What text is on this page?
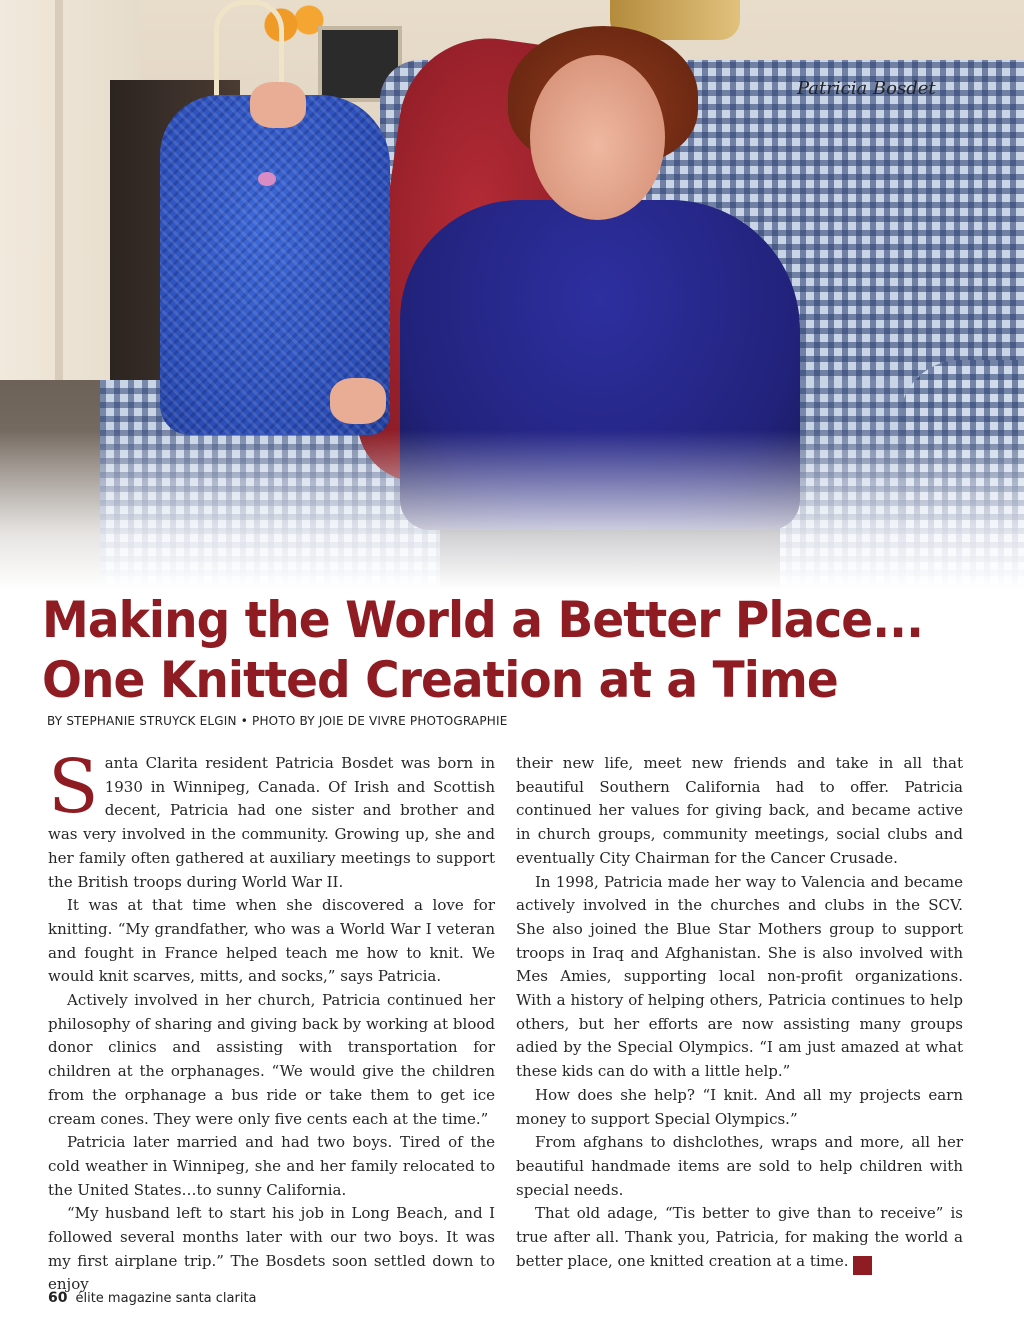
Patricia Bosdet
Making the World a Better Place...
One Knitted Creation at a Time
BY STEPHANIE STRUYCK ELGIN • PHOTO BY JOIE DE VIVRE PHOTOGRAPHIE

Santa Clarita resident Patricia Bosdet was born in 1930 in Winnipeg, Canada. Of Irish and Scottish decent, Patricia had one sister and brother and was very involved in the community. Growing up, she and her family often gathered at auxiliary meetings to support the British troops during World War II.

It was at that time when she discovered a love for knitting. “My grandfather, who was a World War I veteran and fought in France helped teach me how to knit. We would knit scarves, mitts, and socks,” says Patricia.

Actively involved in her church, Patricia continued her philosophy of sharing and giving back by working at blood donor clinics and assisting with transportation for children at the orphanages. “We would give the children from the orphanage a bus ride or take them to get ice cream cones. They were only five cents each at the time.”

Patricia later married and had two boys. Tired of the cold weather in Winnipeg, she and her family relocated to the United States…to sunny California.

“My husband left to start his job in Long Beach, and I followed several months later with our two boys. It was my first airplane trip.” The Bosdets soon settled down to enjoy

their new life, meet new friends and take in all that beautiful Southern California had to offer. Patricia continued her values for giving back, and became active in church groups, community meetings, social clubs and eventually City Chairman for the Cancer Crusade.

In 1998, Patricia made her way to Valencia and became actively involved in the churches and clubs in the SCV. She also joined the Blue Star Mothers group to support troops in Iraq and Afghanistan. She is also involved with Mes Amies, supporting local non-profit organizations. With a history of helping others, Patricia continues to help others, but her efforts are now assisting many groups adied by the Special Olympics. “I am just amazed at what these kids can do with a little help.”

How does she help? “I knit. And all my projects earn money to support Special Olympics.”

From afghans to dishclothes, wraps and more, all her beautiful handmade items are sold to help children with special needs.

That old adage, “Tis better to give than to receive” is true after all. Thank you, Patricia, for making the world a better place, one knitted creation at a time. é

60 élite magazine santa clarita
